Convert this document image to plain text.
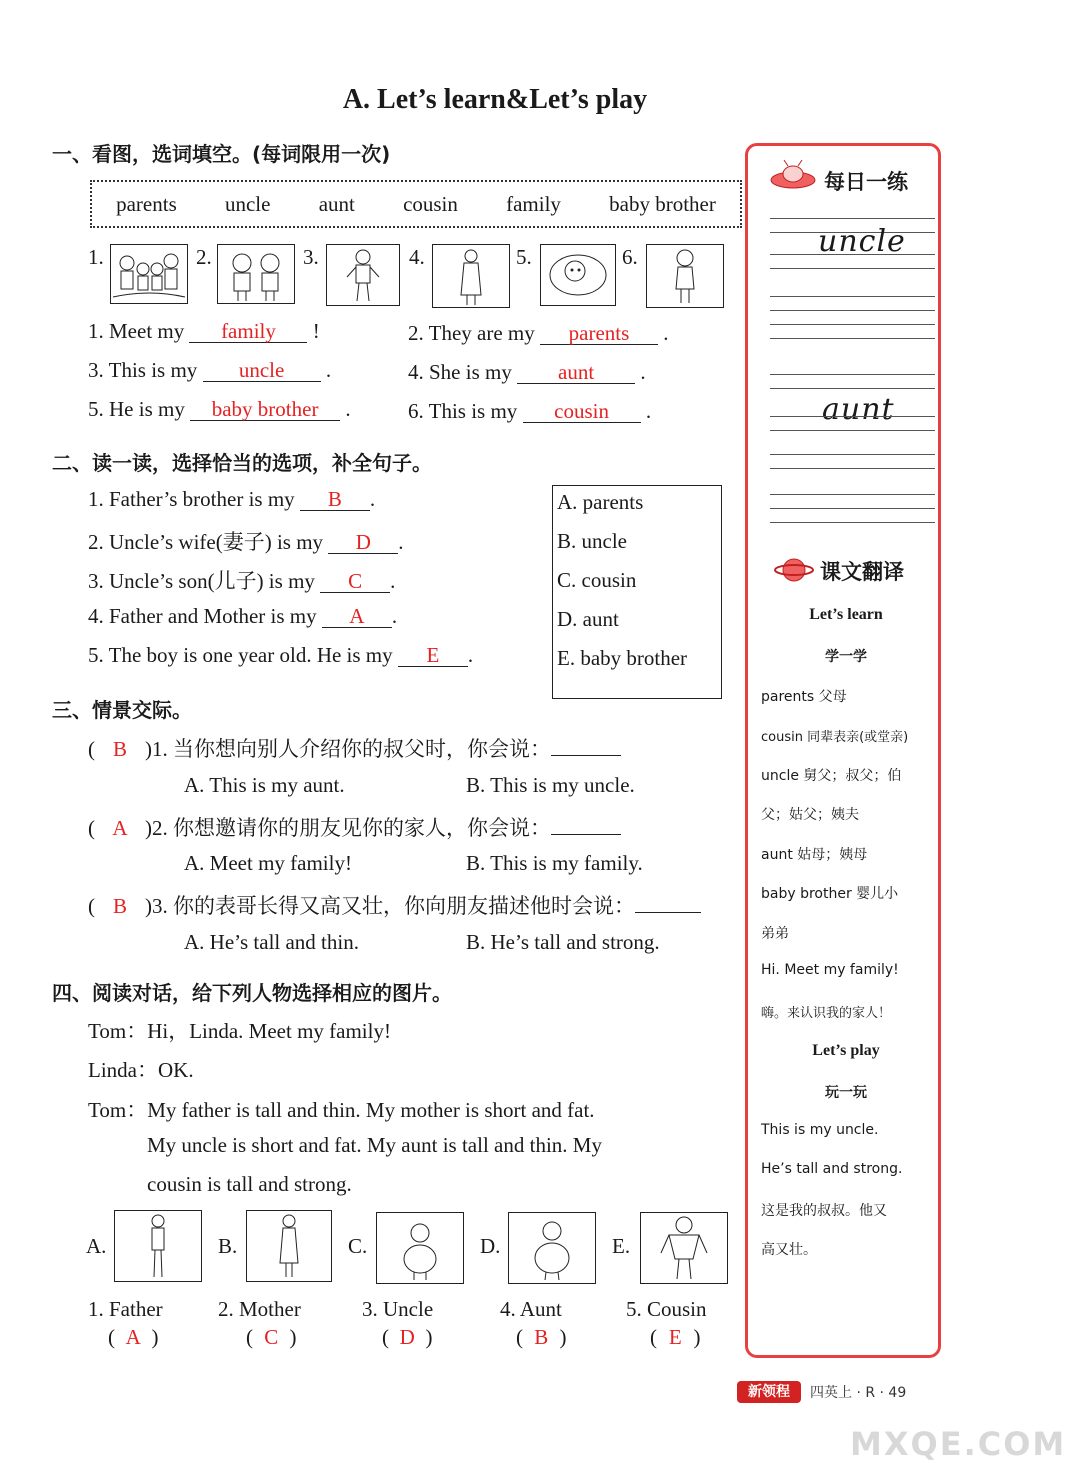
A. Let’s learn&Let’s play
一、看图，选词填空。(每词限用一次)
parents uncle aunt cousin family baby brother
1.	2.	3.	4.	5.	6.
1. Meet my family !	2. They are my parents .
3. This is my uncle .	4. She is my aunt .
5. He is my baby brother .	6. This is my cousin .
二、读一读，选择恰当的选项，补全句子。
1. Father’s brother is my B .
2. Uncle’s wife(妻子) is my D .
3. Uncle’s son(儿子) is my C .
4. Father and Mother is my A .
5. The boy is one year old. He is my E .
A. parents
B. uncle
C. cousin
D. aunt
E. baby brother
三、情景交际。
( B )1. 当你想向别人介绍你的叔父时，你会说：
A. This is my aunt.	B. This is my uncle.
( A )2. 你想邀请你的朋友见你的家人，你会说：
A. Meet my family!	B. This is my family.
( B )3. 你的表哥长得又高又壮，你向朋友描述他时会说：
A. He’s tall and thin.	B. He’s tall and strong.
四、阅读对话，给下列人物选择相应的图片。
Tom：Hi，Linda. Meet my family!
Linda：OK.
Tom：My father is tall and thin. My mother is short and fat.
My uncle is short and fat. My aunt is tall and thin. My
cousin is tall and strong.
A.	B.	C.	D.	E.
1. Father
( A )
2. Mother
( C )
3. Uncle
( D )
4. Aunt
( B )
5. Cousin
( E )
每日一练
uncle
aunt
课文翻译
Let’s learn
学一学
parents 父母
cousin 同辈表亲(或堂亲)
uncle 舅父；叔父；伯
父；姑父；姨夫
aunt 姑母；姨母
baby brother 婴儿小
弟弟
Hi. Meet my family!
嗨。来认识我的家人！
Let’s play
玩一玩
This is my uncle.
He’s tall and strong.
这是我的叔叔。他又
高又壮。
新领程	四英上 · R · 49
MXQE.COM
